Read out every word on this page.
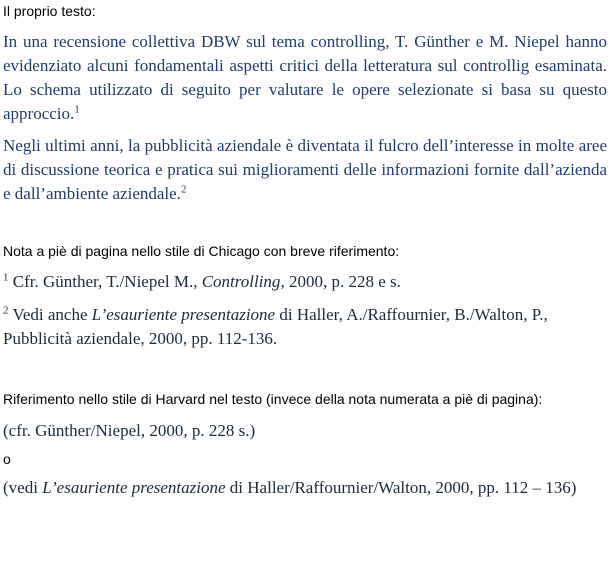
Il proprio testo:

In una recensione collettiva DBW sul tema controlling, T. Günther e M. Niepel hanno evidenziato alcuni fondamentali aspetti critici della letteratura sul controllig esaminata. Lo schema utilizzato di seguito per valutare le opere selezionate si basa su questo approccio.$^1$

Negli ultimi anni, la pubblicità aziendale è diventata il fulcro dell’interesse in molte aree di discussione teorica e pratica sui miglioramenti delle informazioni fornite dall’azienda e dall’ambiente aziendale.$^2$

Nota a piè di pagina nello stile di Chicago con breve riferimento:

$^1$ Cfr. Günther, T./Niepel M., Controlling, 2000, p. 228 e s.

$^2$ Vedi anche L’esauriente presentazione di Haller, A./Raffournier, B./Walton, P., Pubblicità aziendale, 2000, pp. 112-136.

Riferimento nello stile di Harvard nel testo (invece della nota numerata a piè di pagina):

(cfr. Günther/Niepel, 2000, p. 228 s.)

o

(vedi L’esauriente presentazione di Haller/Raffournier/Walton, 2000, pp. 112 – 136)
